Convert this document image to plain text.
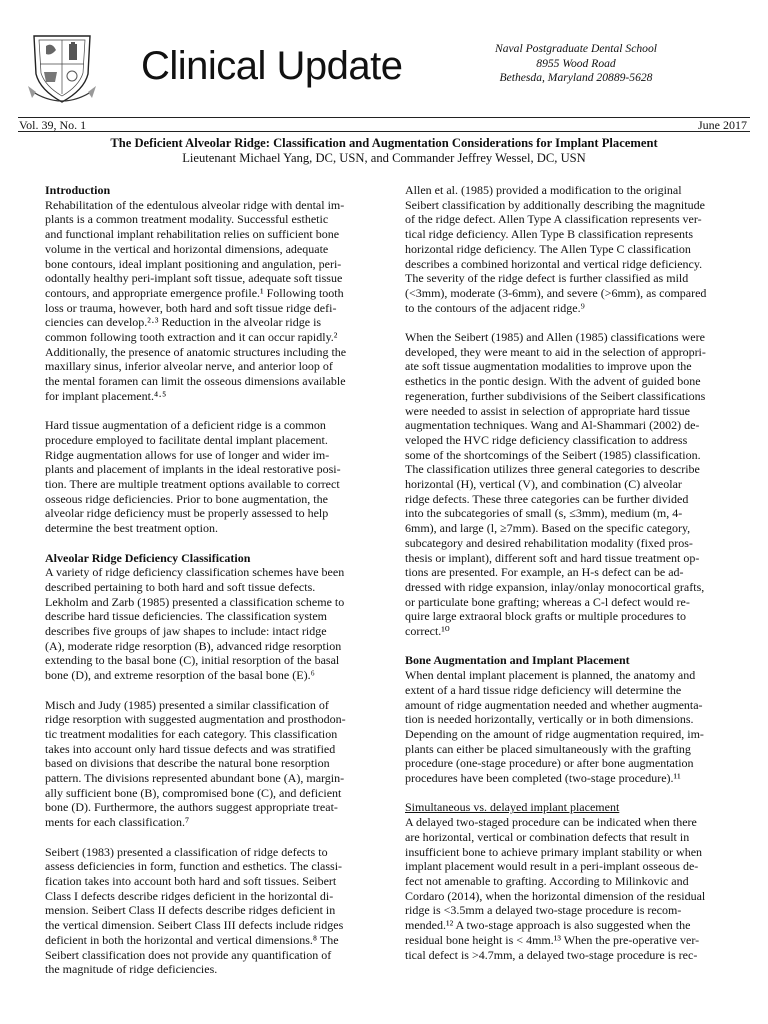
Clinical Update	Naval Postgraduate Dental School
8955 Wood Road
Bethesda, Maryland 20889-5628
Vol. 39, No. 1	June 2017
The Deficient Alveolar Ridge: Classification and Augmentation Considerations for Implant Placement
Lieutenant Michael Yang, DC, USN, and Commander Jeffrey Wessel, DC, USN

Introduction
Rehabilitation of the edentulous alveolar ridge with dental im-
plants is a common treatment modality. Successful esthetic
and functional implant rehabilitation relies on sufficient bone
volume in the vertical and horizontal dimensions, adequate
bone contours, ideal implant positioning and angulation, peri-
odontally healthy peri-implant soft tissue, adequate soft tissue
contours, and appropriate emergence profile.¹ Following tooth
loss or trauma, however, both hard and soft tissue ridge defi-
ciencies can develop.²·³ Reduction in the alveolar ridge is
common following tooth extraction and it can occur rapidly.²
Additionally, the presence of anatomic structures including the
maxillary sinus, inferior alveolar nerve, and anterior loop of
the mental foramen can limit the osseous dimensions available
for implant placement.⁴·⁵

Hard tissue augmentation of a deficient ridge is a common
procedure employed to facilitate dental implant placement.
Ridge augmentation allows for use of longer and wider im-
plants and placement of implants in the ideal restorative posi-
tion. There are multiple treatment options available to correct
osseous ridge deficiencies. Prior to bone augmentation, the
alveolar ridge deficiency must be properly assessed to help
determine the best treatment option.

Alveolar Ridge Deficiency Classification
A variety of ridge deficiency classification schemes have been
described pertaining to both hard and soft tissue defects.
Lekholm and Zarb (1985) presented a classification scheme to
describe hard tissue deficiencies. The classification system
describes five groups of jaw shapes to include: intact ridge
(A), moderate ridge resorption (B), advanced ridge resorption
extending to the basal bone (C), initial resorption of the basal
bone (D), and extreme resorption of the basal bone (E).⁶

Misch and Judy (1985) presented a similar classification of
ridge resorption with suggested augmentation and prosthodon-
tic treatment modalities for each category. This classification
takes into account only hard tissue defects and was stratified
based on divisions that describe the natural bone resorption
pattern. The divisions represented abundant bone (A), margin-
ally sufficient bone (B), compromised bone (C), and deficient
bone (D). Furthermore, the authors suggest appropriate treat-
ments for each classification.⁷

Seibert (1983) presented a classification of ridge defects to
assess deficiencies in form, function and esthetics. The classi-
fication takes into account both hard and soft tissues. Seibert
Class I defects describe ridges deficient in the horizontal di-
mension. Seibert Class II defects describe ridges deficient in
the vertical dimension. Seibert Class III defects include ridges
deficient in both the horizontal and vertical dimensions.⁸ The
Seibert classification does not provide any quantification of
the magnitude of ridge deficiencies.

Allen et al. (1985) provided a modification to the original
Seibert classification by additionally describing the magnitude
of the ridge defect. Allen Type A classification represents ver-
tical ridge deficiency. Allen Type B classification represents
horizontal ridge deficiency. The Allen Type C classification
describes a combined horizontal and vertical ridge deficiency.
The severity of the ridge defect is further classified as mild
(<3mm), moderate (3-6mm), and severe (>6mm), as compared
to the contours of the adjacent ridge.⁹

When the Seibert (1985) and Allen (1985) classifications were
developed, they were meant to aid in the selection of appropri-
ate soft tissue augmentation modalities to improve upon the
esthetics in the pontic design. With the advent of guided bone
regeneration, further subdivisions of the Seibert classifications
were needed to assist in selection of appropriate hard tissue
augmentation techniques. Wang and Al-Shammari (2002) de-
veloped the HVC ridge deficiency classification to address
some of the shortcomings of the Seibert (1985) classification.
The classification utilizes three general categories to describe
horizontal (H), vertical (V), and combination (C) alveolar
ridge defects. These three categories can be further divided
into the subcategories of small (s, ≤3mm), medium (m, 4-
6mm), and large (l, ≥7mm). Based on the specific category,
subcategory and desired rehabilitation modality (fixed pros-
thesis or implant), different soft and hard tissue treatment op-
tions are presented. For example, an H-s defect can be ad-
dressed with ridge expansion, inlay/onlay monocortical grafts,
or particulate bone grafting; whereas a C-l defect would re-
quire large extraoral block grafts or multiple procedures to
correct.¹⁰

Bone Augmentation and Implant Placement
When dental implant placement is planned, the anatomy and
extent of a hard tissue ridge deficiency will determine the
amount of ridge augmentation needed and whether augmenta-
tion is needed horizontally, vertically or in both dimensions.
Depending on the amount of ridge augmentation required, im-
plants can either be placed simultaneously with the grafting
procedure (one-stage procedure) or after bone augmentation
procedures have been completed (two-stage procedure).¹¹

Simultaneous vs. delayed implant placement
A delayed two-staged procedure can be indicated when there
are horizontal, vertical or combination defects that result in
insufficient bone to achieve primary implant stability or when
implant placement would result in a peri-implant osseous de-
fect not amenable to grafting. According to Milinkovic and
Cordaro (2014), when the horizontal dimension of the residual
ridge is <3.5mm a delayed two-stage procedure is recom-
mended.¹² A two-stage approach is also suggested when the
residual bone height is < 4mm.¹³ When the pre-operative ver-
tical defect is >4.7mm, a delayed two-stage procedure is rec-
